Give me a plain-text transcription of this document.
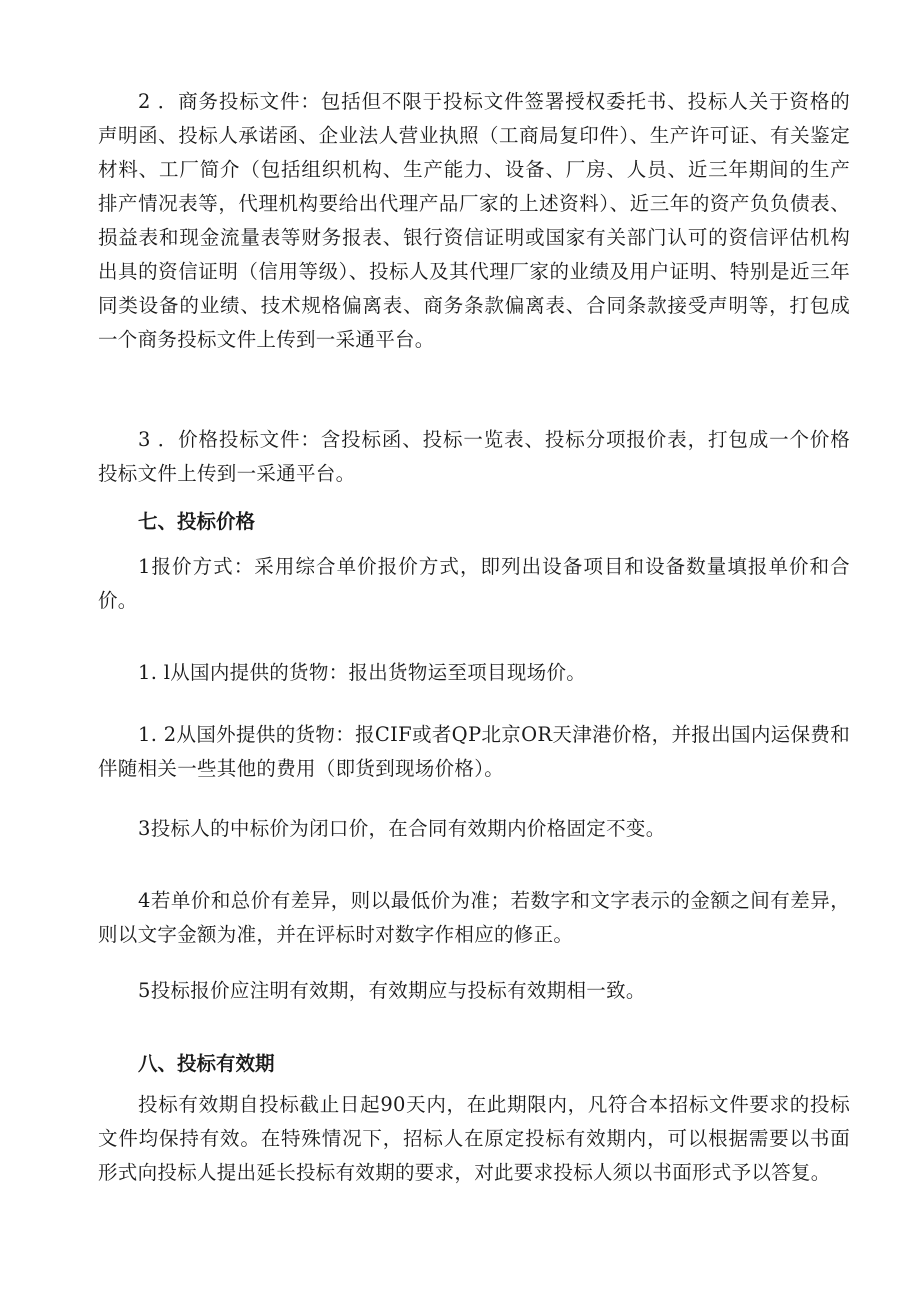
2 ．商务投标文件：包括但不限于投标文件签署授权委托书、投标人关于资格的声明函、投标人承诺函、企业法人营业执照（工商局复印件）、生产许可证、有关鉴定材料、工厂简介（包括组织机构、生产能力、设备、厂房、人员、近三年期间的生产排产情况表等，代理机构要给出代理产品厂家的上述资料）、近三年的资产负负债表、损益表和现金流量表等财务报表、银行资信证明或国家有关部门认可的资信评估机构出具的资信证明（信用等级）、投标人及其代理厂家的业绩及用户证明、特别是近三年同类设备的业绩、技术规格偏离表、商务条款偏离表、合同条款接受声明等，打包成一个商务投标文件上传到一采通平台。

3 ．价格投标文件：含投标函、投标一览表、投标分项报价表，打包成一个价格投标文件上传到一采通平台。

七、投标价格

1报价方式：采用综合单价报价方式，即列出设备项目和设备数量填报单价和合价。

1. l从国内提供的货物：报出货物运至项目现场价。

1. 2从国外提供的货物：报CIF或者QP北京OR天津港价格，并报出国内运保费和伴随相关一些其他的费用（即货到现场价格）。

3投标人的中标价为闭口价，在合同有效期内价格固定不变。

4若单价和总价有差异，则以最低价为准；若数字和文字表示的金额之间有差异，则以文字金额为准，并在评标时对数字作相应的修正。

5投标报价应注明有效期，有效期应与投标有效期相一致。

八、投标有效期

投标有效期自投标截止日起90天内，在此期限内，凡符合本招标文件要求的投标文件均保持有效。在特殊情况下，招标人在原定投标有效期内，可以根据需要以书面形式向投标人提出延长投标有效期的要求，对此要求投标人须以书面形式予以答复。
